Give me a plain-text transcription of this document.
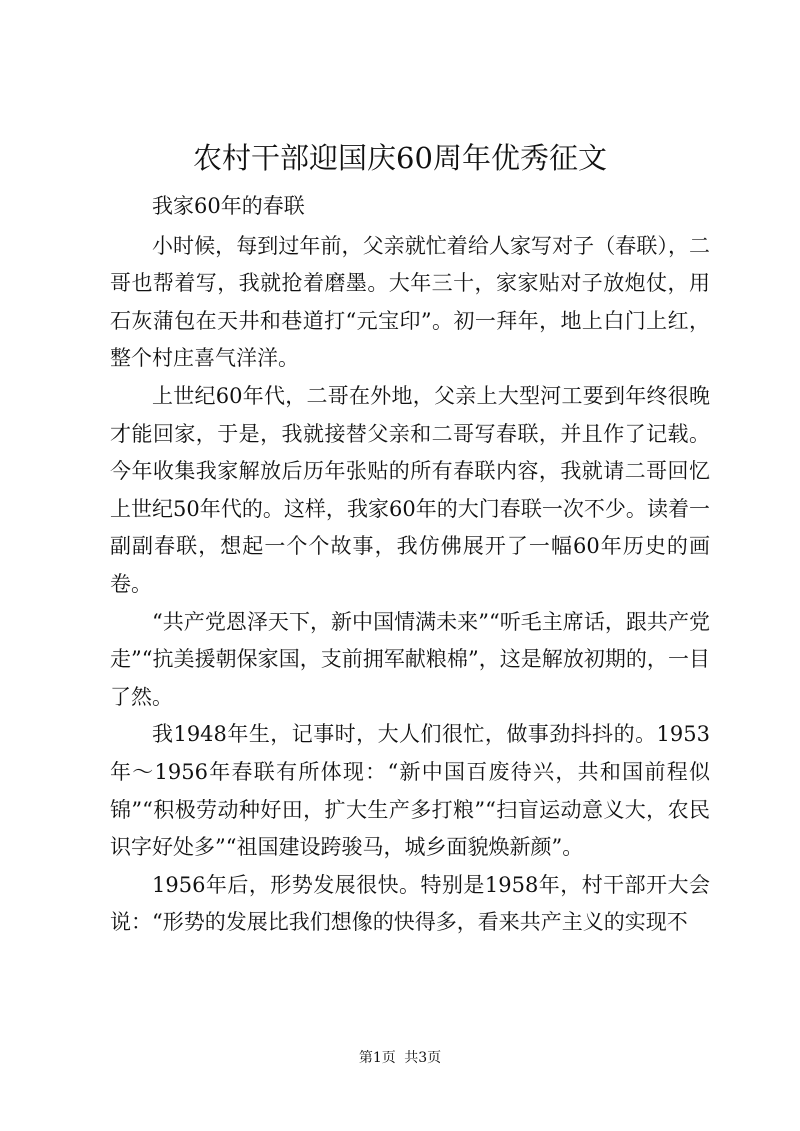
农村干部迎国庆60周年优秀征文

我家60年的春联

小时候，每到过年前，父亲就忙着给人家写对子（春联），二哥也帮着写，我就抢着磨墨。大年三十，家家贴对子放炮仗，用石灰蒲包在天井和巷道打“元宝印”。初一拜年，地上白门上红，整个村庄喜气洋洋。

上世纪60年代，二哥在外地，父亲上大型河工要到年终很晚才能回家，于是，我就接替父亲和二哥写春联，并且作了记载。今年收集我家解放后历年张贴的所有春联内容，我就请二哥回忆上世纪50年代的。这样，我家60年的大门春联一次不少。读着一副副春联，想起一个个故事，我仿佛展开了一幅60年历史的画卷。

“共产党恩泽天下，新中国情满未来”“听毛主席话，跟共产党走”“抗美援朝保家国，支前拥军献粮棉”，这是解放初期的，一目了然。

我1948年生，记事时，大人们很忙，做事劲抖抖的。1953年～1956年春联有所体现：“新中国百废待兴，共和国前程似锦”“积极劳动种好田，扩大生产多打粮”“扫盲运动意义大，农民识字好处多”“祖国建设跨骏马，城乡面貌焕新颜”。

1956年后，形势发展很快。特别是1958年，村干部开大会说：“形势的发展比我们想像的快得多，看来共产主义的实现不

第1页 共3页
